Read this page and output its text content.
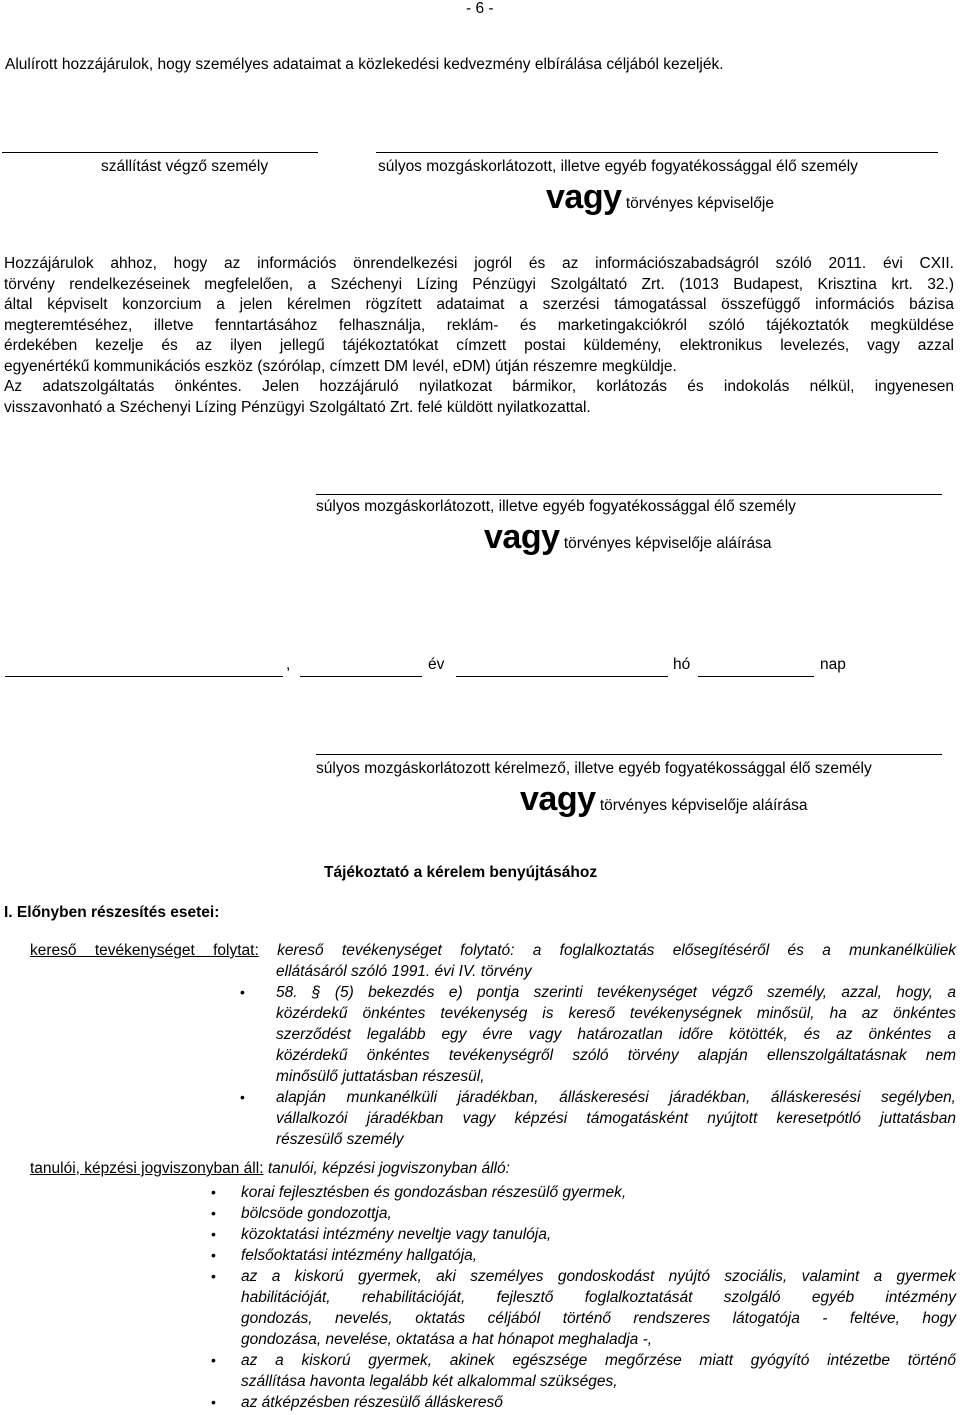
- 6 -
Alulírott hozzájárulok, hogy személyes adataimat a közlekedési kedvezmény elbírálása céljából kezeljék.
szállítást végző személy	súlyos mozgáskorlátozott, illetve egyéb fogyatékossággal élő személy
vagy törvényes képviselője
Hozzájárulok ahhoz, hogy az információs önrendelkezési jogról és az információszabadságról szóló 2011. évi CXII.
törvény rendelkezéseinek megfelelően, a Széchenyi Lízing Pénzügyi Szolgáltató Zrt. (1013 Budapest, Krisztina krt. 32.)
által képviselt konzorcium a jelen kérelmen rögzített adataimat a szerzési támogatással összefüggő információs bázisa
megteremtéséhez, illetve fenntartásához felhasználja, reklám- és marketingakciókról szóló tájékoztatók megküldése
érdekében kezelje és az ilyen jellegű tájékoztatókat címzett postai küldemény, elektronikus levelezés, vagy azzal
egyenértékű kommunikációs eszköz (szórólap, címzett DM levél, eDM) útján részemre megküldje.
Az adatszolgáltatás önkéntes. Jelen hozzájáruló nyilatkozat bármikor, korlátozás és indokolás nélkül, ingyenesen
visszavonható a Széchenyi Lízing Pénzügyi Szolgáltató Zrt. felé küldött nyilatkozattal.
súlyos mozgáskorlátozott, illetve egyéb fogyatékossággal élő személy
vagy törvényes képviselője aláírása
,	év	hó	nap
súlyos mozgáskorlátozott kérelmező, illetve egyéb fogyatékossággal élő személy
vagy törvényes képviselője aláírása
Tájékoztató a kérelem benyújtásához
I. Előnyben részesítés esetei:
kereső tevékenységet folytat: kereső tevékenységet folytató: a foglalkoztatás elősegítéséről és a munkanélküliek
ellátásáról szóló 1991. évi IV. törvény
• 58. § (5) bekezdés e) pontja szerinti tevékenységet végző személy, azzal, hogy, a
közérdekű önkéntes tevékenység is kereső tevékenységnek minősül, ha az önkéntes
szerződést legalább egy évre vagy határozatlan időre kötötték, és az önkéntes a
közérdekű önkéntes tevékenységről szóló törvény alapján ellenszolgáltatásnak nem
minősülő juttatásban részesül,
• alapján munkanélküli járadékban, álláskeresési járadékban, álláskeresési segélyben,
vállalkozói járadékban vagy képzési támogatásként nyújtott keresetpótló juttatásban
részesülő személy
tanulói, képzési jogviszonyban áll: tanulói, képzési jogviszonyban álló:
• korai fejlesztésben és gondozásban részesülő gyermek,
• bölcsöde gondozottja,
• közoktatási intézmény neveltje vagy tanulója,
• felsőoktatási intézmény hallgatója,
• az a kiskorú gyermek, aki személyes gondoskodást nyújtó szociális, valamint a gyermek
habilitációját, rehabilitációját, fejlesztő foglalkoztatását szolgáló egyéb intézmény
gondozás, nevelés, oktatás céljából történő rendszeres látogatója - feltéve, hogy
gondozása, nevelése, oktatása a hat hónapot meghaladja -,
• az a kiskorú gyermek, akinek egészsége megőrzése miatt gyógyító intézetbe történő
szállítása havonta legalább két alkalommal szükséges,
• az átképzésben részesülő álláskereső
